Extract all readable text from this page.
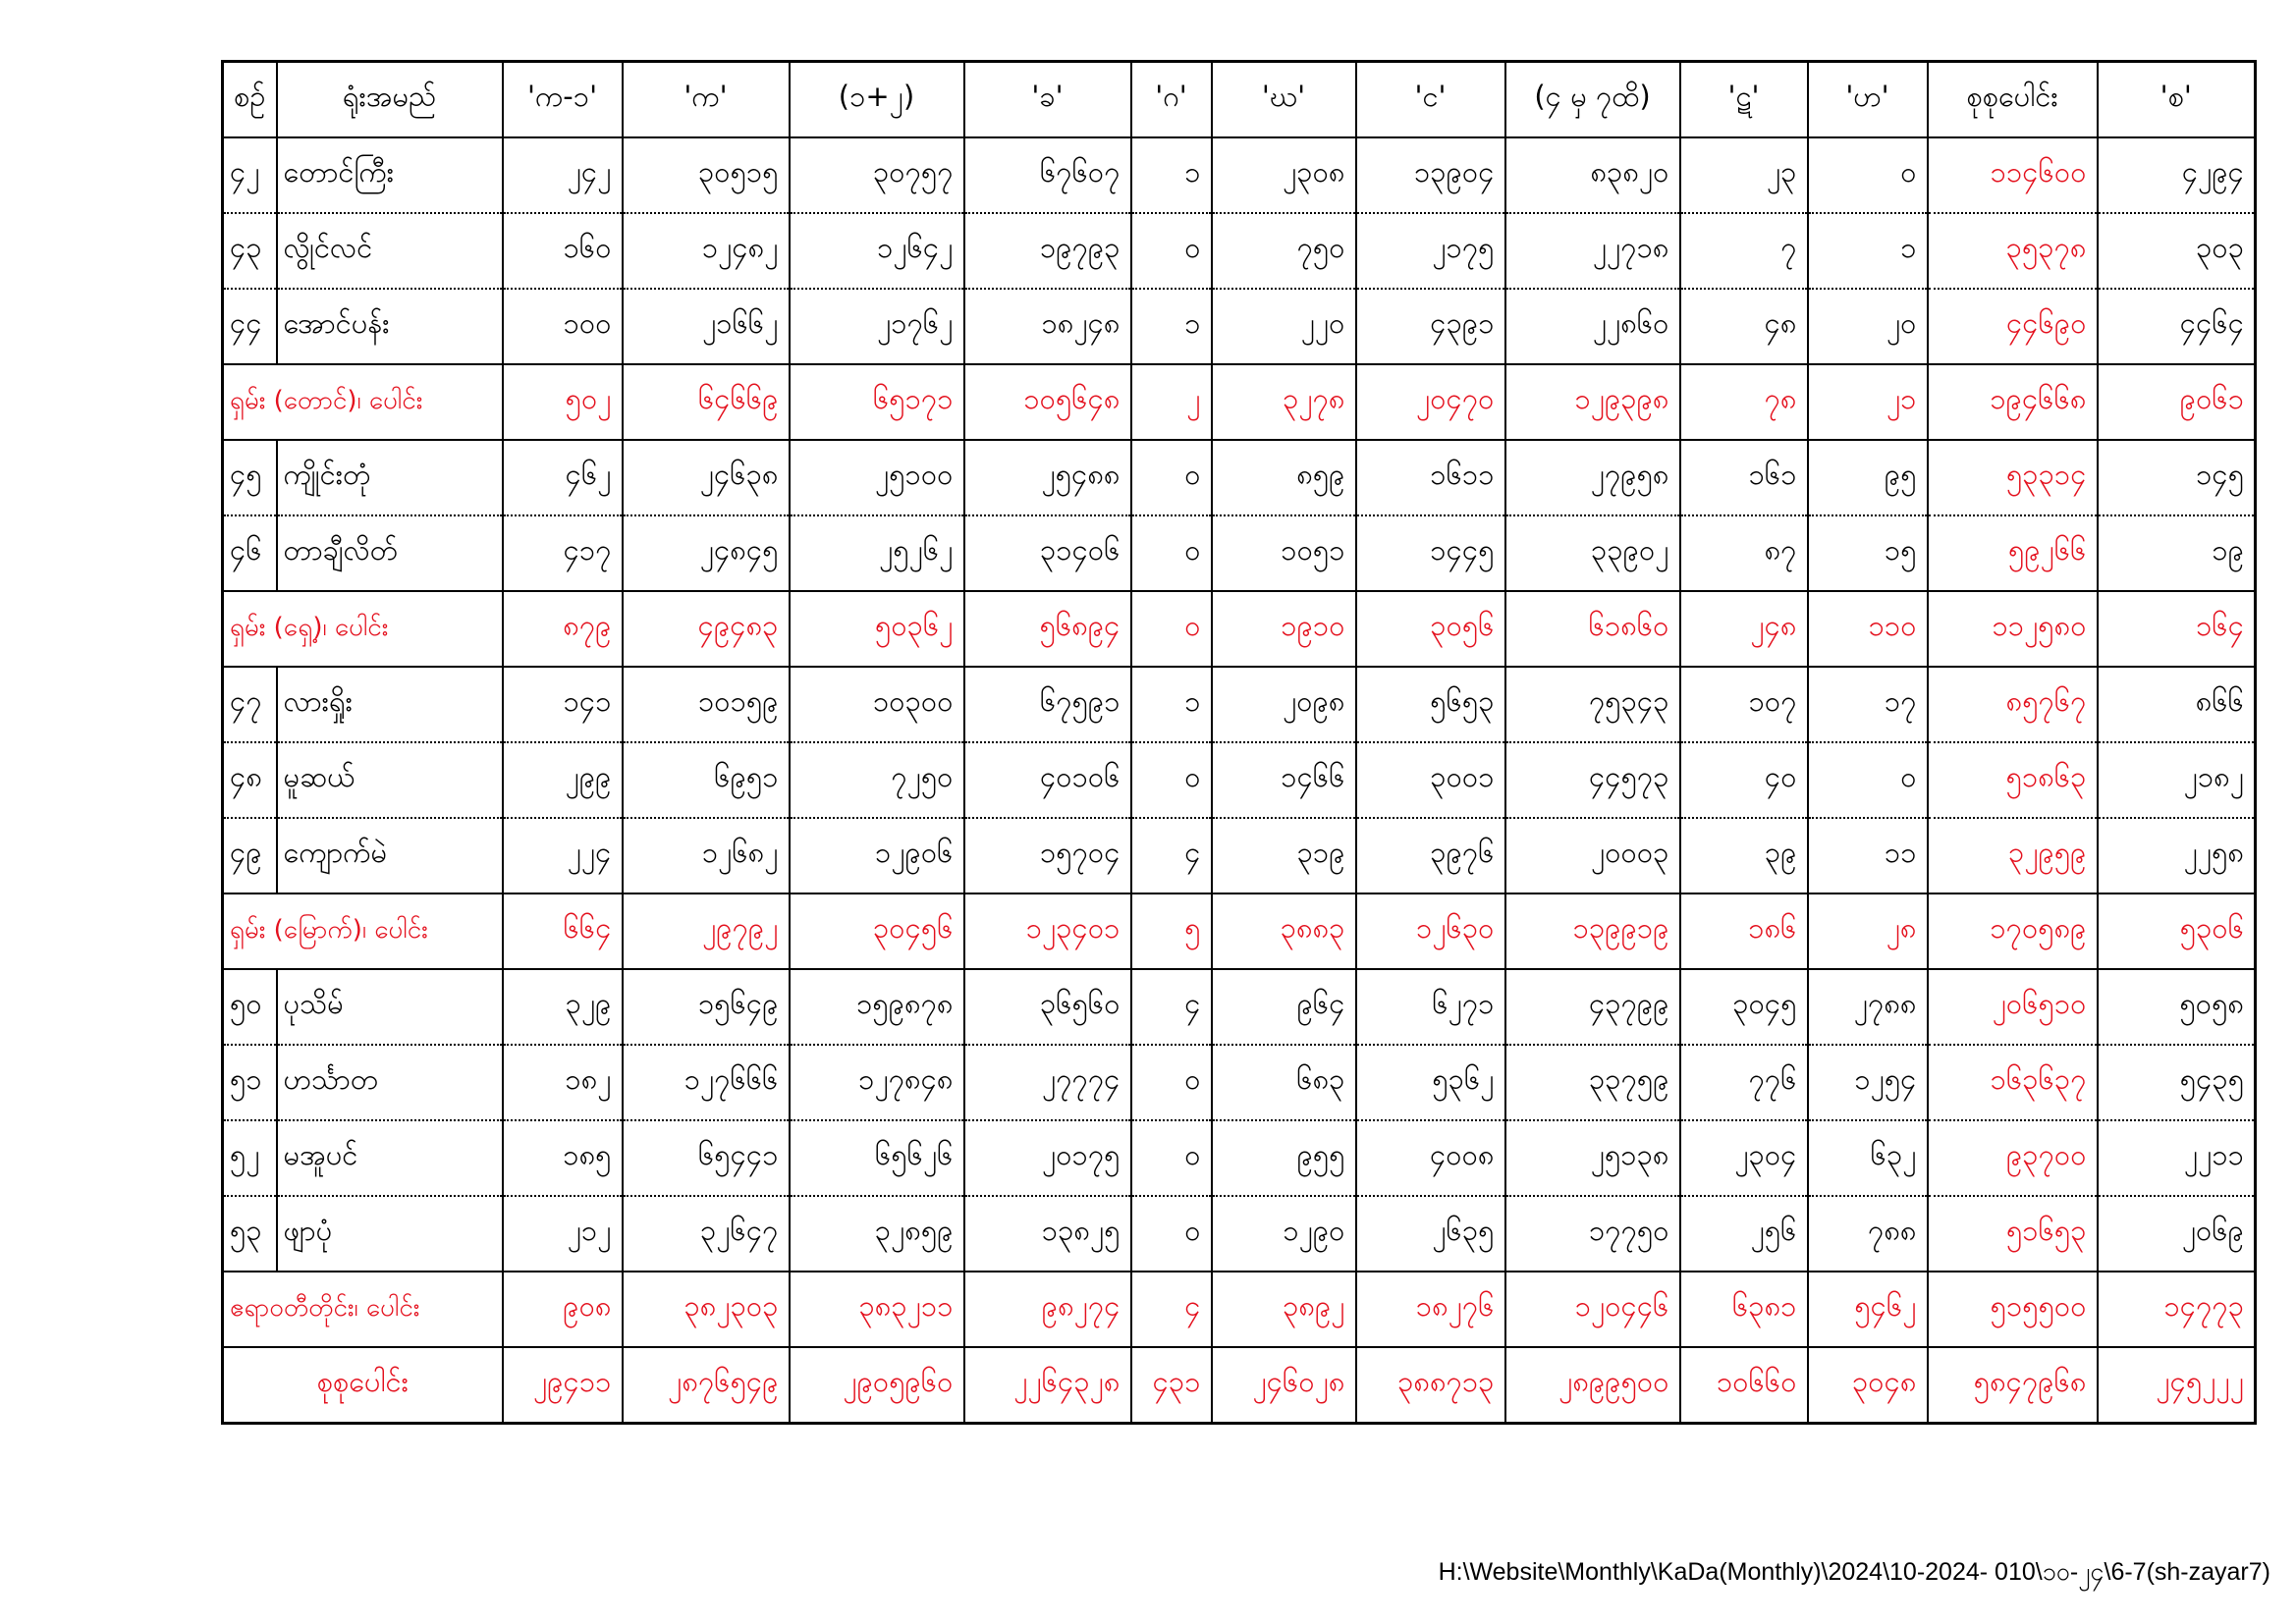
စဉ်	ရုံးအမည်	'က-၁'	'က'	(၁+၂)	'ခ'	'ဂ'	'ဃ'	'င'	(၄ မှ ၇ထိ)	'ဋ'	'ဟ'	စုစုပေါင်း	'စ'
၄၂	တောင်ကြီး	၂၄၂	၃၀၅၁၅	၃၀၇၅၇	၆၇၆၀၇	၁	၂၃၀၈	၁၃၉၀၄	၈၃၈၂၀	၂၃	၀	၁၁၄၆၀၀	၄၂၉၄
၄၃	လွိုင်လင်	၁၆၀	၁၂၄၈၂	၁၂၆၄၂	၁၉၇၉၃	၀	၇၅၀	၂၁၇၅	၂၂၇၁၈	၇	၁	၃၅၃၇၈	၃၀၃
၄၄	အောင်ပန်း	၁၀၀	၂၁၆၆၂	၂၁၇၆၂	၁၈၂၄၈	၁	၂၂၀	၄၃၉၁	၂၂၈၆၀	၄၈	၂၀	၄၄၆၉၀	၄၄၆၄
ရှမ်း (တောင်)၊ ပေါင်း		၅၀၂	၆၄၆၆၉	၆၅၁၇၁	၁၀၅၆၄၈	၂	၃၂၇၈	၂၀၄၇၀	၁၂၉၃၉၈	၇၈	၂၁	၁၉၄၆၆၈	၉၀၆၁
၄၅	ကျိုင်းတုံ	၄၆၂	၂၄၆၃၈	၂၅၁၀၀	၂၅၄၈၈	၀	၈၅၉	၁၆၁၁	၂၇၉၅၈	၁၆၁	၉၅	၅၃၃၁၄	၁၄၅
၄၆	တာချီလိတ်	၄၁၇	၂၄၈၄၅	၂၅၂၆၂	၃၁၄၀၆	၀	၁၀၅၁	၁၄၄၅	၃၃၉၀၂	၈၇	၁၅	၅၉၂၆၆	၁၉
ရှမ်း (ရှေ့)၊ ပေါင်း		၈၇၉	၄၉၄၈၃	၅၀၃၆၂	၅၆၈၉၄	၀	၁၉၁၀	၃၀၅၆	၆၁၈၆၀	၂၄၈	၁၁၀	၁၁၂၅၈၀	၁၆၄
၄၇	လားရှိုး	၁၄၁	၁၀၁၅၉	၁၀၃၀၀	၆၇၅၉၁	၁	၂၀၉၈	၅၆၅၃	၇၅၃၄၃	၁၀၇	၁၇	၈၅၇၆၇	၈၆၆
၄၈	မူဆယ်	၂၉၉	၆၉၅၁	၇၂၅၀	၄၀၁၀၆	၀	၁၄၆၆	၃၀၀၁	၄၄၅၇၃	၄၀	၀	၅၁၈၆၃	၂၁၈၂
၄၉	ကျောက်မဲ	၂၂၄	၁၂၆၈၂	၁၂၉၀၆	၁၅၇၀၄	၄	၃၁၉	၃၉၇၆	၂၀၀၀၃	၃၉	၁၁	၃၂၉၅၉	၂၂၅၈
ရှမ်း (မြောက်)၊ ပေါင်း		၆၆၄	၂၉၇၉၂	၃၀၄၅၆	၁၂၃၄၀၁	၅	၃၈၈၃	၁၂၆၃၀	၁၃၉၉၁၉	၁၈၆	၂၈	၁၇၀၅၈၉	၅၃၀၆
၅၀	ပုသိမ်	၃၂၉	၁၅၆၄၉	၁၅၉၈၇၈	၃၆၅၆၀	၄	၉၆၄	၆၂၇၁	၄၃၇၉၉	၃၀၄၅	၂၇၈၈	၂၀၆၅၁၀	၅၀၅၈
၅၁	ဟင်္သာတ	၁၈၂	၁၂၇၆၆၆	၁၂၇၈၄၈	၂၇၇၇၄	၀	၆၈၃	၅၃၆၂	၃၃၇၅၉	၇၇၆	၁၂၅၄	၁၆၃၆၃၇	၅၄၃၅
၅၂	မအူပင်	၁၈၅	၆၅၄၄၁	၆၅၆၂၆	၂၀၁၇၅	၀	၉၅၅	၄၀၀၈	၂၅၁၃၈	၂၃၀၄	၆၃၂	၉၃၇၀၀	၂၂၁၁
၅၃	ဖျာပုံ	၂၁၂	၃၂၆၄၇	၃၂၈၅၉	၁၃၈၂၅	၀	၁၂၉၀	၂၆၃၅	၁၇၇၅၀	၂၅၆	၇၈၈	၅၁၆၅၃	၂၀၆၉
ဧရာဝတီတိုင်း၊ ပေါင်း		၉၀၈	၃၈၂၃၀၃	၃၈၃၂၁၁	၉၈၂၇၄	၄	၃၈၉၂	၁၈၂၇၆	၁၂၀၄၄၆	၆၃၈၁	၅၄၆၂	၅၁၅၅၀၀	၁၄၇၇၃
စုစုပေါင်း		၂၉၄၁၁	၂၈၇၆၅၄၉	၂၉၀၅၉၆၀	၂၂၆၄၃၂၈	၄၃၁	၂၄၆၀၂၈	၃၈၈၇၁၃	၂၈၉၉၅၀၀	၁၀၆၆၀	၃၀၄၈	၅၈၄၇၉၆၈	၂၄၅၂၂၂
H:\Website\Monthly\KaDa(Monthly)\2024\10-2024- 010\၁၀-၂၄\6-7(sh-zayar7)
